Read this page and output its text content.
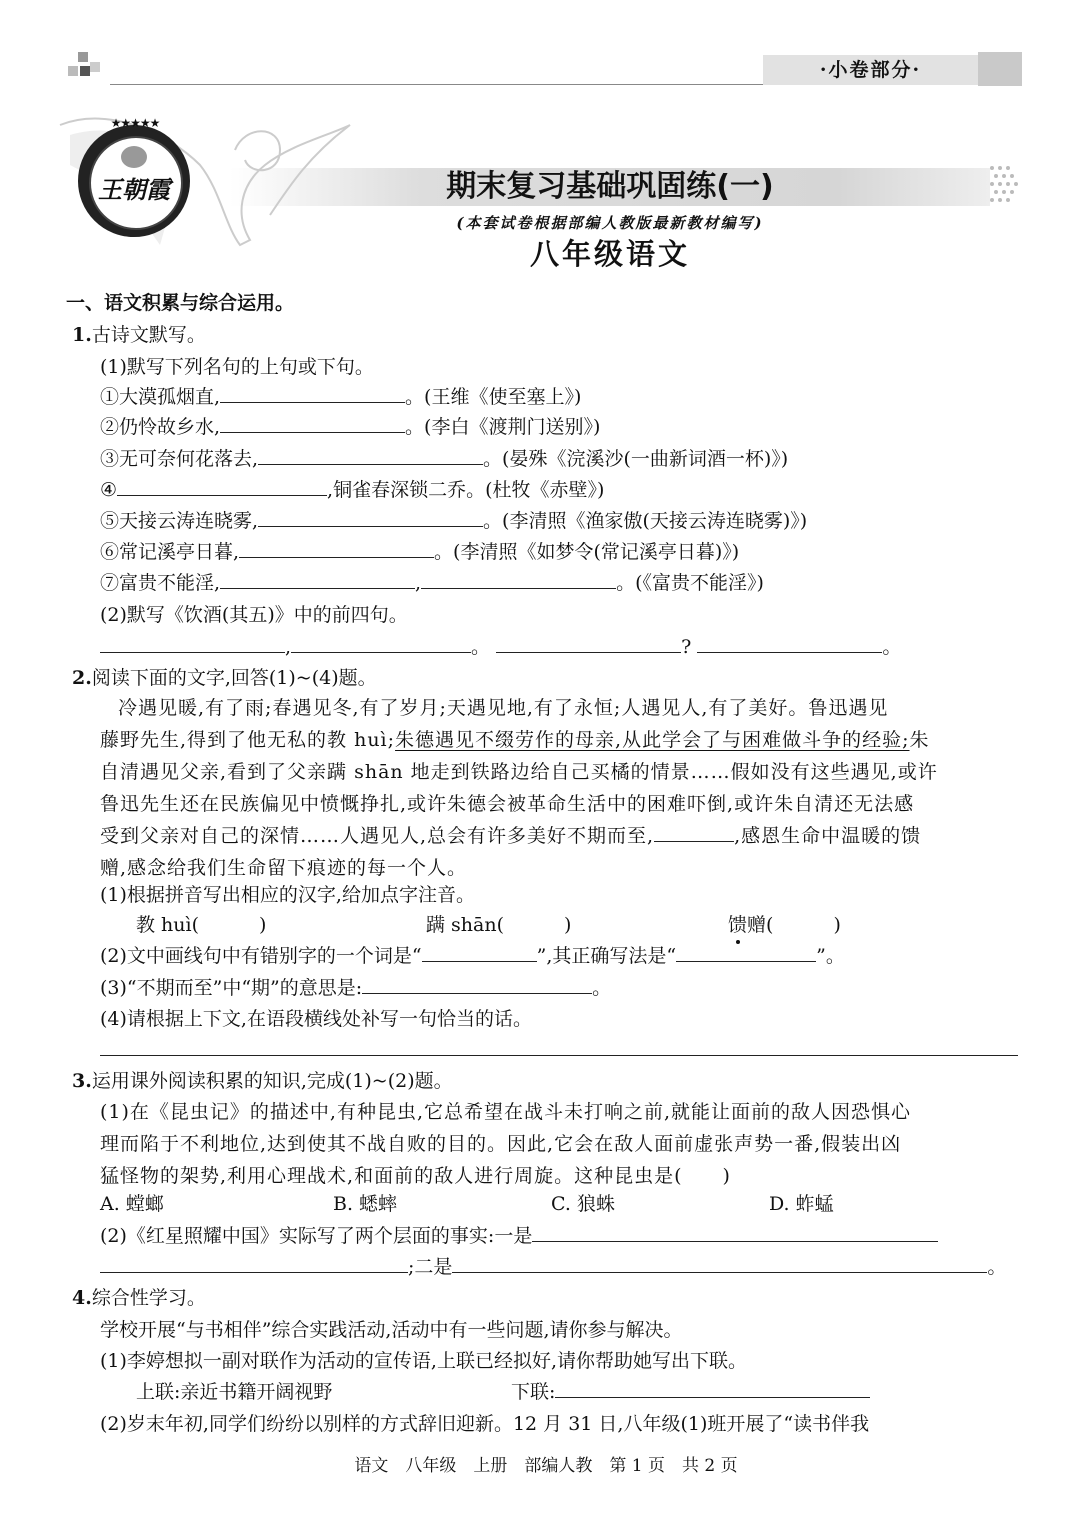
·小卷部分·
王朝霞
★★★★★
期末复习基础巩固练(一)
(本套试卷根据部编人教版最新教材编写)
八年级语文
一、语文积累与综合运用。
1.古诗文默写。
(1)默写下列名句的上句或下句。
①大漠孤烟直,	。(王维《使至塞上》)
②仍怜故乡水,	。(李白《渡荆门送别》)
③无可奈何花落去,	。(晏殊《浣溪沙(一曲新词酒一杯)》)
④	,铜雀春深锁二乔。(杜牧《赤壁》)
⑤天接云涛连晓雾,	。(李清照《渔家傲(天接云涛连晓雾)》)
⑥常记溪亭日暮,	。(李清照《如梦令(常记溪亭日暮)》)
⑦富贵不能淫,	,	。(《富贵不能淫》)
(2)默写《饮酒(其五)》中的前四句。
,	。	?	。
2.阅读下面的文字,回答(1)~(4)题。
冷遇见暖,有了雨;春遇见冬,有了岁月;天遇见地,有了永恒;人遇见人,有了美好。鲁迅遇见
藤野先生,得到了他无私的教 huì;朱德遇见不缀劳作的母亲,从此学会了与困难做斗争的经验;朱
自清遇见父亲,看到了父亲蹒 shān 地走到铁路边给自己买橘的情景……假如没有这些遇见,或许
鲁迅先生还在民族偏见中愤慨挣扎,或许朱德会被革命生活中的困难吓倒,或许朱自清还无法感
受到父亲对自己的深情……人遇见人,总会有许多美好不期而至,	,感恩生命中温暖的馈
赠,感念给我们生命留下痕迹的每一个人。
(1)根据拼音写出相应的汉字,给加点字注音。
教 huì(	)	蹒 shān(	)	馈赠(	)
(2)文中画线句中有错别字的一个词是“	”,其正确写法是“	”。
(3)“不期而至”中“期”的意思是:	。
(4)请根据上下文,在语段横线处补写一句恰当的话。
3.运用课外阅读积累的知识,完成(1)~(2)题。
(1)在《昆虫记》的描述中,有种昆虫,它总希望在战斗未打响之前,就能让面前的敌人因恐惧心
理而陷于不利地位,达到使其不战自败的目的。因此,它会在敌人面前虚张声势一番,假装出凶
猛怪物的架势,利用心理战术,和面前的敌人进行周旋。这种昆虫是(　　)
A. 螳螂	B. 蟋蟀	C. 狼蛛	D. 蚱蜢
(2)《红星照耀中国》实际写了两个层面的事实:一是
;二是	。
4.综合性学习。
学校开展“与书相伴”综合实践活动,活动中有一些问题,请你参与解决。
(1)李婷想拟一副对联作为活动的宣传语,上联已经拟好,请你帮助她写出下联。
上联:亲近书籍开阔视野	下联:
(2)岁末年初,同学们纷纷以别样的方式辞旧迎新。12 月 31 日,八年级(1)班开展了“读书伴我
语文　八年级　上册　部编人教　第 1 页　共 2 页
